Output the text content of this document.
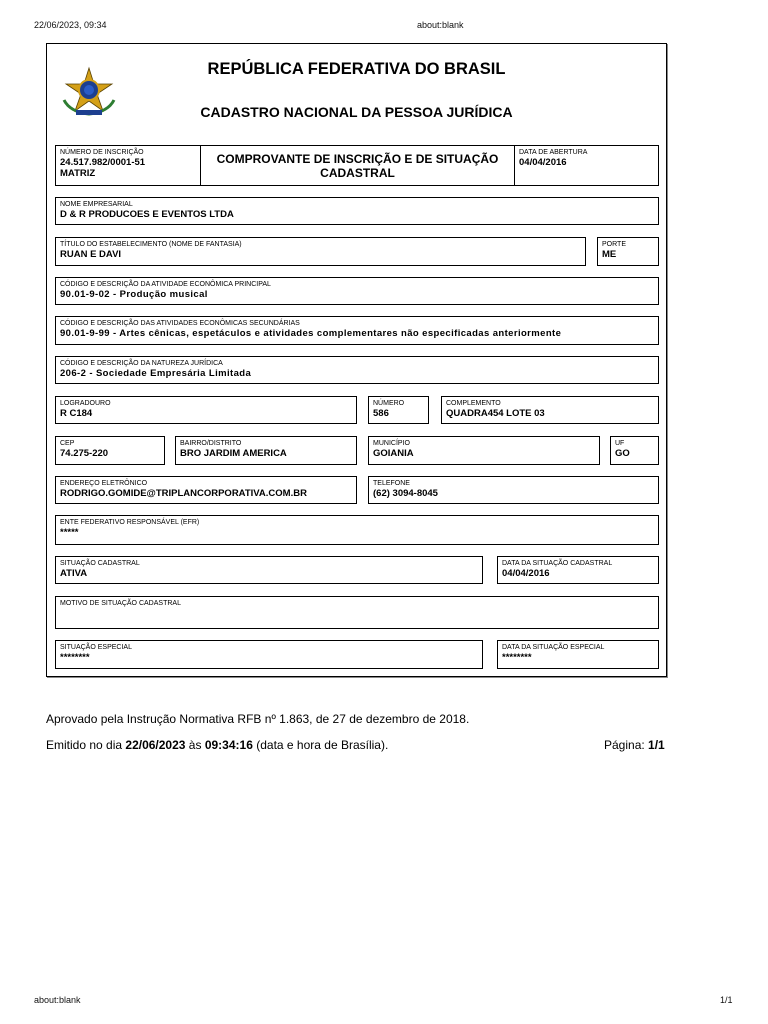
22/06/2023, 09:34	about:blank
REPÚBLICA FEDERATIVA DO BRASIL
CADASTRO NACIONAL DA PESSOA JURÍDICA
NÚMERO DE INSCRIÇÃO
24.517.982/0001-51
MATRIZ
COMPROVANTE DE INSCRIÇÃO E DE SITUAÇÃO CADASTRAL
DATA DE ABERTURA
04/04/2016
NOME EMPRESARIAL
D & R PRODUCOES E EVENTOS LTDA
TÍTULO DO ESTABELECIMENTO (NOME DE FANTASIA)
RUAN E DAVI
PORTE
ME
CÓDIGO E DESCRIÇÃO DA ATIVIDADE ECONÔMICA PRINCIPAL
90.01-9-02 - Produção musical
CÓDIGO E DESCRIÇÃO DAS ATIVIDADES ECONÔMICAS SECUNDÁRIAS
90.01-9-99 - Artes cênicas, espetáculos e atividades complementares não especificadas anteriormente
CÓDIGO E DESCRIÇÃO DA NATUREZA JURÍDICA
206-2 - Sociedade Empresária Limitada
LOGRADOURO
R C184
NÚMERO
586
COMPLEMENTO
QUADRA454 LOTE 03
CEP
74.275-220
BAIRRO/DISTRITO
BRO JARDIM AMERICA
MUNICÍPIO
GOIANIA
UF
GO
ENDEREÇO ELETRÔNICO
RODRIGO.GOMIDE@TRIPLANCORPORATIVA.COM.BR
TELEFONE
(62) 3094-8045
ENTE FEDERATIVO RESPONSÁVEL (EFR)
*****
SITUAÇÃO CADASTRAL
ATIVA
DATA DA SITUAÇÃO CADASTRAL
04/04/2016
MOTIVO DE SITUAÇÃO CADASTRAL
SITUAÇÃO ESPECIAL
********
DATA DA SITUAÇÃO ESPECIAL
********
Aprovado pela Instrução Normativa RFB nº 1.863, de 27 de dezembro de 2018.
Emitido no dia 22/06/2023 às 09:34:16 (data e hora de Brasília).	Página: 1/1
about:blank	1/1
